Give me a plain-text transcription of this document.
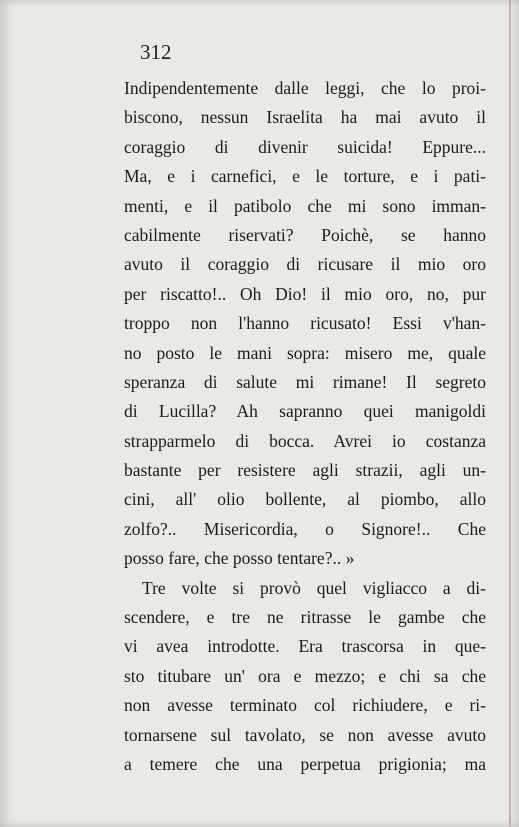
312
Indipendentemente dalle leggi, che lo proi-
biscono, nessun Israelita ha mai avuto il
coraggio di divenir suicida! Eppure...
Ma, e i carnefici, e le torture, e i pati-
menti, e il patibolo che mi sono imman-
cabilmente riservati? Poichè, se hanno
avuto il coraggio di ricusare il mio oro
per riscatto!.. Oh Dio! il mio oro, no, pur
troppo non l'hanno ricusato! Essi v'han-
no posto le mani sopra: misero me, quale
speranza di salute mi rimane! Il segreto
di Lucilla? Ah sapranno quei manigoldi
strapparmelo di bocca. Avrei io costanza
bastante per resistere agli strazii, agli un-
cini, all' olio bollente, al piombo, allo
zolfo?.. Misericordia, o Signore!.. Che
posso fare, che posso tentare?.. »
Tre volte si provò quel vigliacco a di-
scendere, e tre ne ritrasse le gambe che
vi avea introdotte. Era trascorsa in que-
sto titubare un' ora e mezzo; e chi sa che
non avesse terminato col richiudere, e ri-
tornarsene sul tavolato, se non avesse avuto
a temere che una perpetua prigionia; ma
